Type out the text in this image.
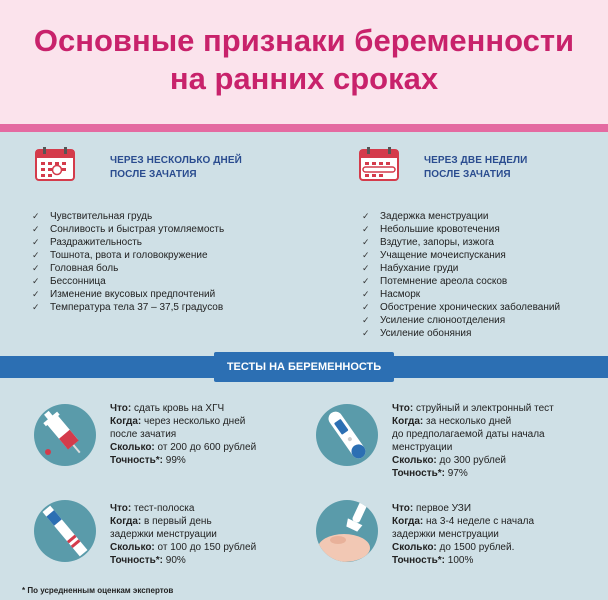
Основные признаки беременности
на ранних сроках
ЧЕРЕЗ НЕСКОЛЬКО ДНЕЙ
ПОСЛЕ ЗАЧАТИЯ
✓ Чувствительная грудь
✓ Сонливость и быстрая утомляемость
✓ Раздражительность
✓ Тошнота, рвота и головокружение
✓ Головная боль
✓ Бессонница
✓ Изменение вкусовых предпочтений
✓ Температура тела 37 – 37,5 градусов
ЧЕРЕЗ ДВЕ НЕДЕЛИ
ПОСЛЕ ЗАЧАТИЯ
✓ Задержка менструации
✓ Небольшие кровотечения
✓ Вздутие, запоры, изжога
✓ Учащение мочеиспускания
✓ Набухание груди
✓ Потемнение ареола сосков
✓ Насморк
✓ Обострение хронических заболеваний
✓ Усиление слюноотделения
✓ Усиление обоняния
ТЕСТЫ НА БЕРЕМЕННОСТЬ
Что: сдать кровь на ХГЧ
Когда: через несколько дней
после зачатия
Сколько: от 200 до 600 рублей
Точность*: 99%
Что: струйный и электронный тест
Когда: за несколько дней
до предполагаемой даты начала
менструации
Сколько: до 300 рублей
Точность*: 97%
Что: тест-полоска
Когда: в первый день
задержки менструации
Сколько: от 100 до 150 рублей
Точность*: 90%
Что: первое УЗИ
Когда: на 3-4 неделе с начала
задержки менструации
Сколько: до 1500 рублей.
Точность*: 100%
* По усредненным оценкам экспертов
